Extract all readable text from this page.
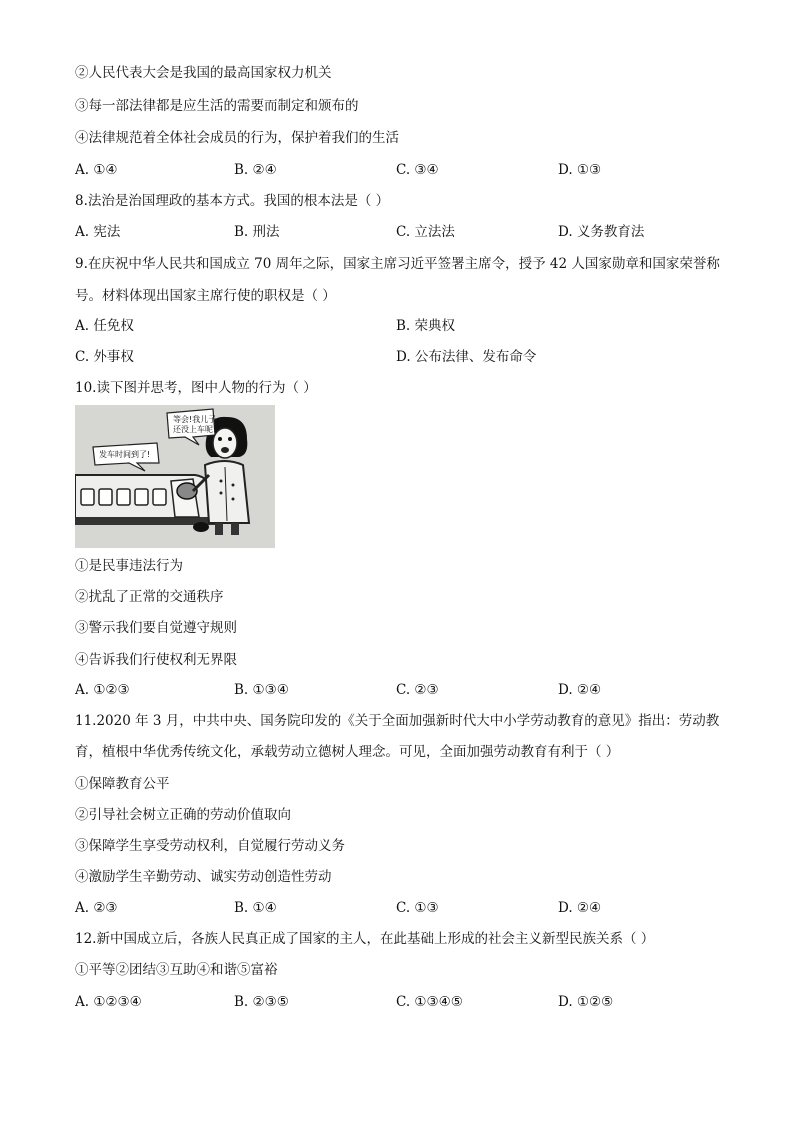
②人民代表大会是我国的最高国家权力机关
③每一部法律都是应生活的需要而制定和颁布的
④法律规范着全体社会成员的行为，保护着我们的生活
A. ①④	B. ②④	C. ③④	D. ①③
8.法治是治国理政的基本方式。我国的根本法是（ ）
A. 宪法	B. 刑法	C. 立法法	D. 义务教育法
9.在庆祝中华人民共和国成立 70 周年之际，国家主席习近平签署主席令，授予 42 人国家勋章和国家荣誉称
号。材料体现出国家主席行使的职权是（ ）
A. 任免权	B. 荣典权
C. 外事权	D. 公布法律、发布命令
10.读下图并思考，图中人物的行为（ ）
等会!我儿子
还没上车呢!
发车时间到了!
①是民事违法行为
②扰乱了正常的交通秩序
③警示我们要自觉遵守规则
④告诉我们行使权利无界限
A. ①②③	B. ①③④	C. ②③	D. ②④
11.2020 年 3 月，中共中央、国务院印发的《关于全面加强新时代大中小学劳动教育的意见》指出：劳动教
育，植根中华优秀传统文化，承载劳动立德树人理念。可见，全面加强劳动教育有利于（ ）
①保障教育公平
②引导社会树立正确的劳动价值取向
③保障学生享受劳动权利，自觉履行劳动义务
④激励学生辛勤劳动、诚实劳动创造性劳动
A. ②③	B. ①④	C. ①③	D. ②④
12.新中国成立后，各族人民真正成了国家的主人，在此基础上形成的社会主义新型民族关系（ ）
①平等②团结③互助④和谐⑤富裕
A. ①②③④	B. ②③⑤	C. ①③④⑤	D. ①②⑤
